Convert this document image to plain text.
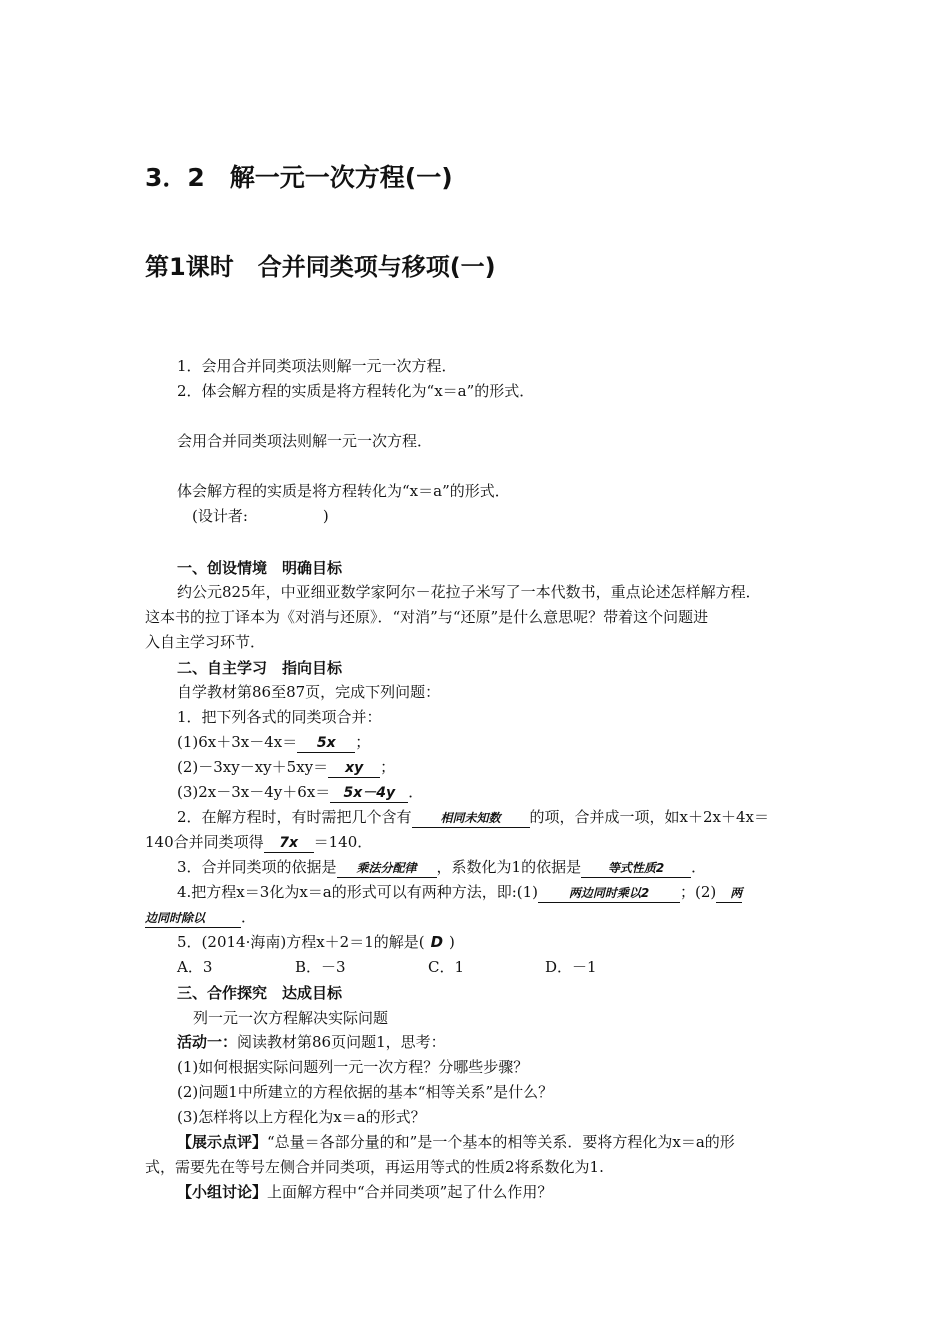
3．2　解一元一次方程(一)
第1课时　合并同类项与移项(一)
1．会用合并同类项法则解一元一次方程．
2．体会解方程的实质是将方程转化为“x＝a”的形式．
会用合并同类项法则解一元一次方程．
体会解方程的实质是将方程转化为“x＝a”的形式．
(设计者:　　　　　)
一、创设情境　明确目标
约公元825年，中亚细亚数学家阿尔－花拉子米写了一本代数书，重点论述怎样解方程．
这本书的拉丁译本为《对消与还原》．“对消”与“还原”是什么意思呢？带着这个问题进
入自主学习环节．
二、自主学习　指向目标
自学教材第86至87页，完成下列问题：
1．把下列各式的同类项合并：
(1)6x＋3x－4x＝ 5x ；
(2)－3xy－xy＋5xy＝ xy ；
(3)2x－3x－4y＋6x＝ 5x－4y ．
2．在解方程时，有时需把几个含有 相同未知数 的项，合并成一项，如x＋2x＋4x＝
140合并同类项得 7x ＝140．
3．合并同类项的依据是 乘法分配律 ，系数化为1的依据是 等式性质2 ．
4.把方程x＝3化为x＝a的形式可以有两种方法，即:(1)	两边同时乘以2 ；(2) 两
边同时除以 ．
5．(2014·海南)方程x＋2＝1的解是( D )
A．3	B．－3	C．1	D．－1
三、合作探究　达成目标
列一元一次方程解决实际问题
活动一：阅读教材第86页问题1，思考：
(1)如何根据实际问题列一元一次方程？分哪些步骤？
(2)问题1中所建立的方程依据的基本“相等关系”是什么？
(3)怎样将以上方程化为x＝a的形式？
【展示点评】“总量＝各部分量的和”是一个基本的相等关系．要将方程化为x＝a的形
式，需要先在等号左侧合并同类项，再运用等式的性质2将系数化为1.
【小组讨论】上面解方程中“合并同类项”起了什么作用？
